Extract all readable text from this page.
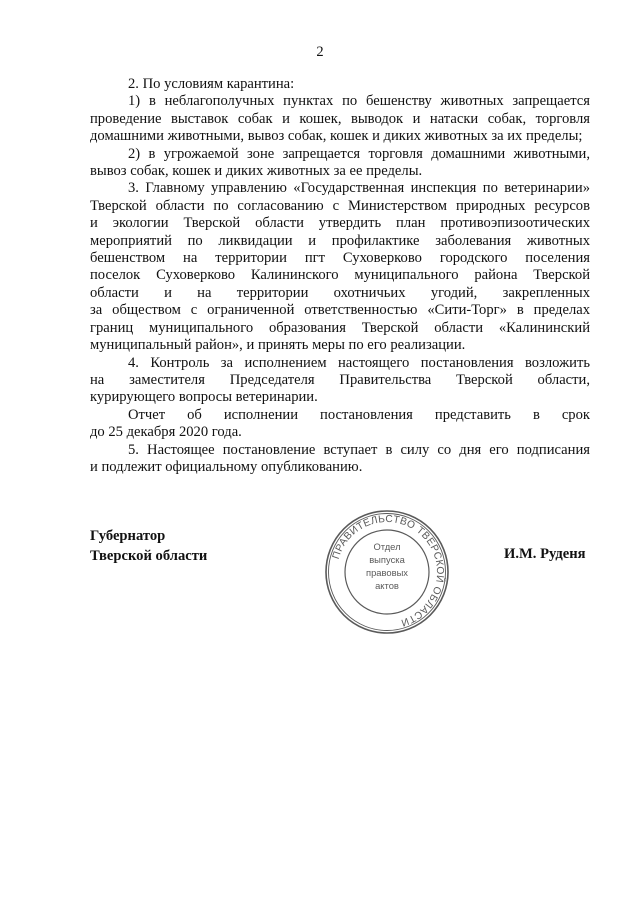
2
2. По условиям карантина:
1) в неблагополучных пунктах по бешенству животных запрещается
проведение выставок собак и кошек, выводок и натаски собак, торговля
домашними животными, вывоз собак, кошек и диких животных за их пределы;
2) в угрожаемой зоне запрещается торговля домашними животными,
вывоз собак, кошек и диких животных за ее пределы.
3. Главному управлению «Государственная инспекция по ветеринарии»
Тверской области по согласованию с Министерством природных ресурсов
и экологии Тверской области утвердить план противоэпизоотических
мероприятий по ликвидации и профилактике заболевания животных
бешенством на территории пгт Суховерково городского поселения
поселок Суховерково Калининского муниципального района Тверской
области и на территории охотничьих угодий, закрепленных
за обществом с ограниченной ответственностью «Сити-Торг» в пределах
границ муниципального образования Тверской области «Калининский
муниципальный район», и принять меры по его реализации.
4. Контроль за исполнением настоящего постановления возложить
на заместителя Председателя Правительства Тверской области,
курирующего вопросы ветеринарии.
Отчет об исполнении постановления представить в срок
до 25 декабря 2020 года.
5. Настоящее постановление вступает в силу со дня его подписания
и подлежит официальному опубликованию.
Губернатор
Тверской области	ПРАВИТЕЛЬСТВО ТВЕРСКОЙ ОБЛАСТИ
Отдел
выпуска
правовых
актов
И.М. Руденя
